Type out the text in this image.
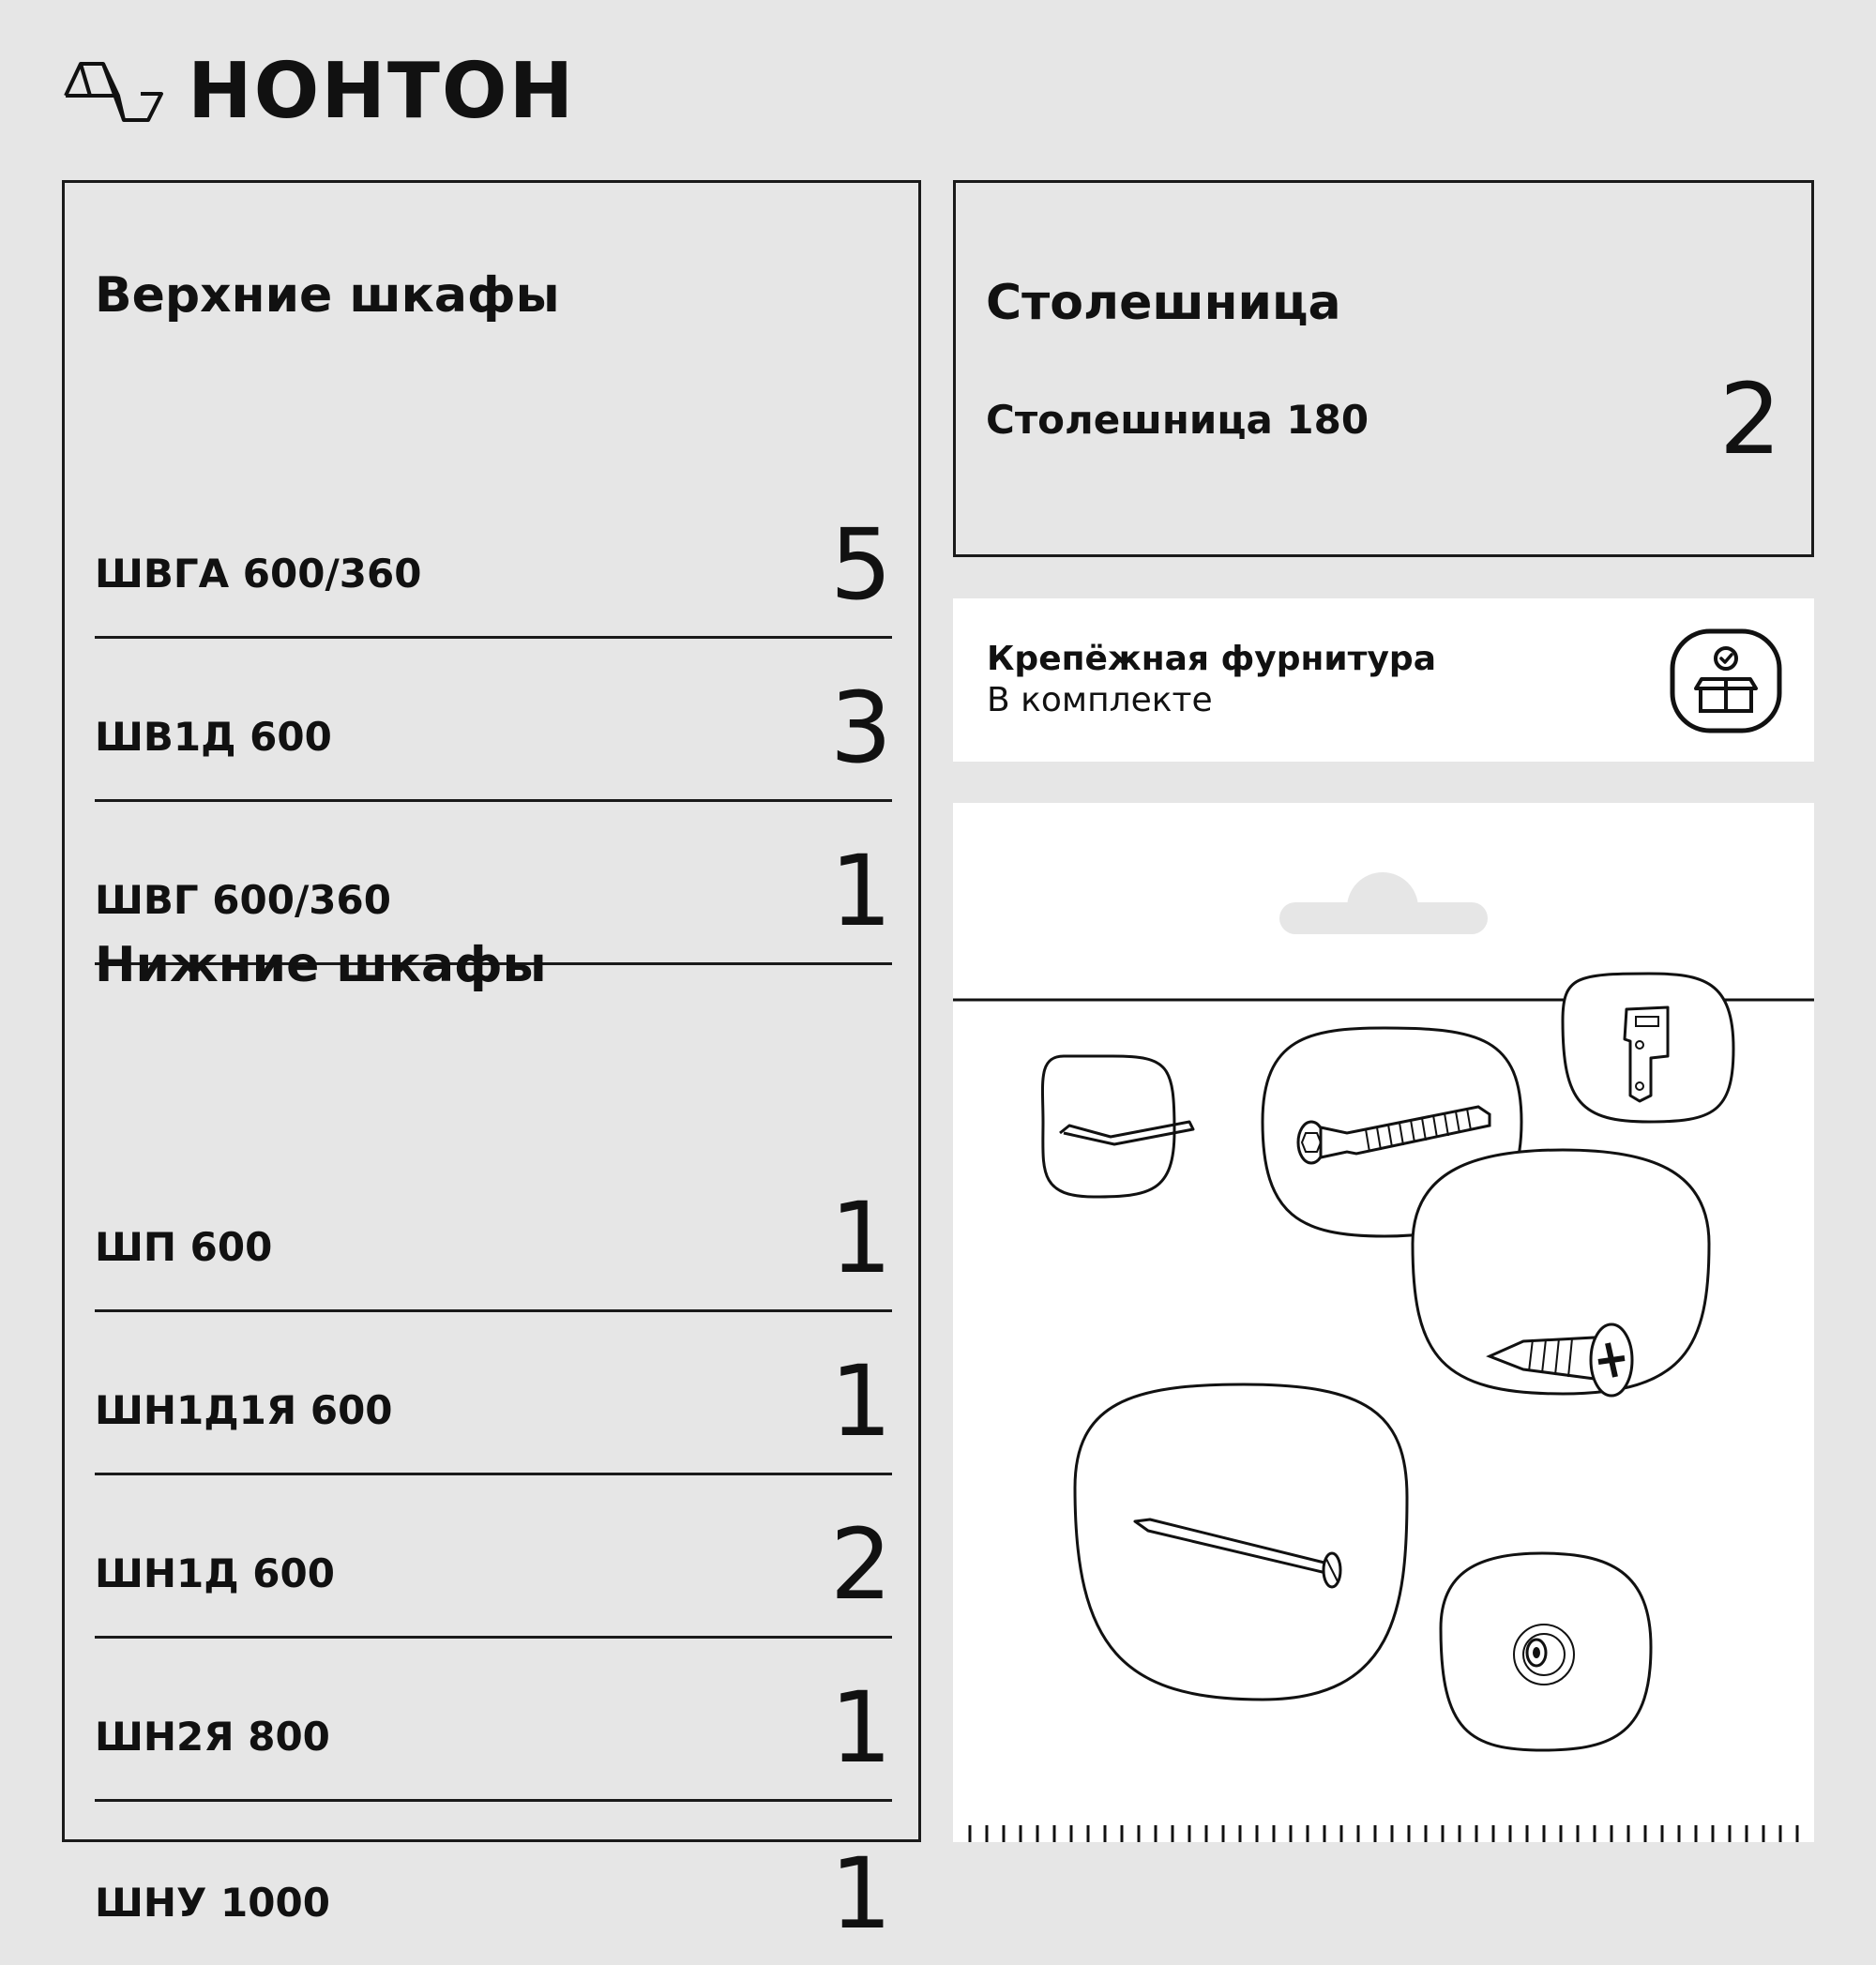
НОНТОН
Верхние шкафы
ШВГА 600/360	5
ШВ1Д 600	3
ШВГ 600/360	1
Нижние шкафы
ШП 600	1
ШН1Д1Я 600	1
ШН1Д 600	2
ШН2Я 800	1
ШНУ 1000	1
Столешница
Столешница 180	2
Крепёжная фурнитура
В комплекте
